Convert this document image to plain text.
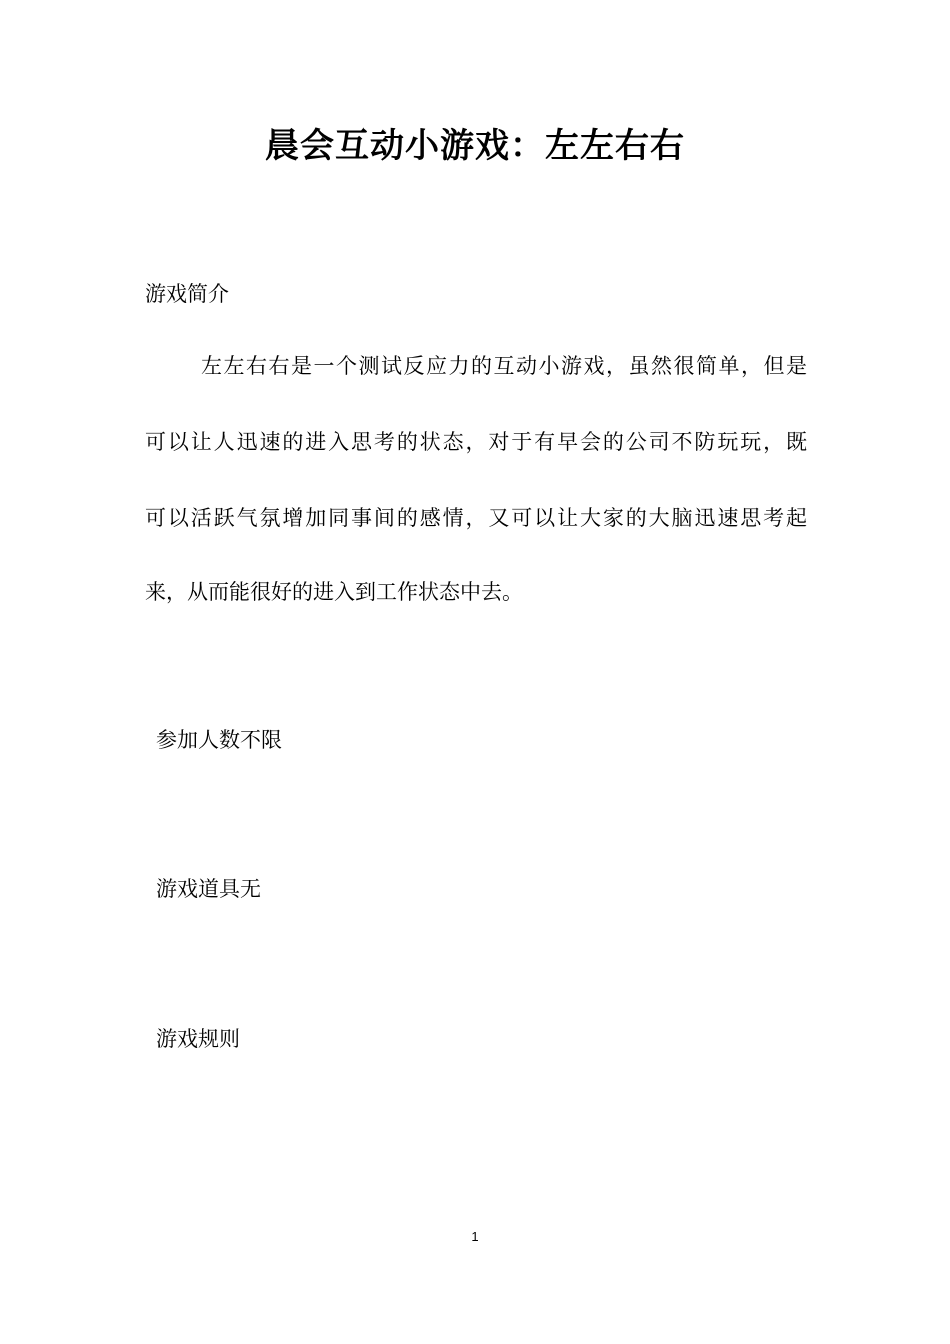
晨会互动小游戏：左左右右
游戏简介
左左右右是一个测试反应力的互动小游戏，虽然很简单，但是
可以让人迅速的进入思考的状态，对于有早会的公司不防玩玩，既
可以活跃气氛增加同事间的感情，又可以让大家的大脑迅速思考起
来，从而能很好的进入到工作状态中去。
参加人数不限
游戏道具无
游戏规则
1
